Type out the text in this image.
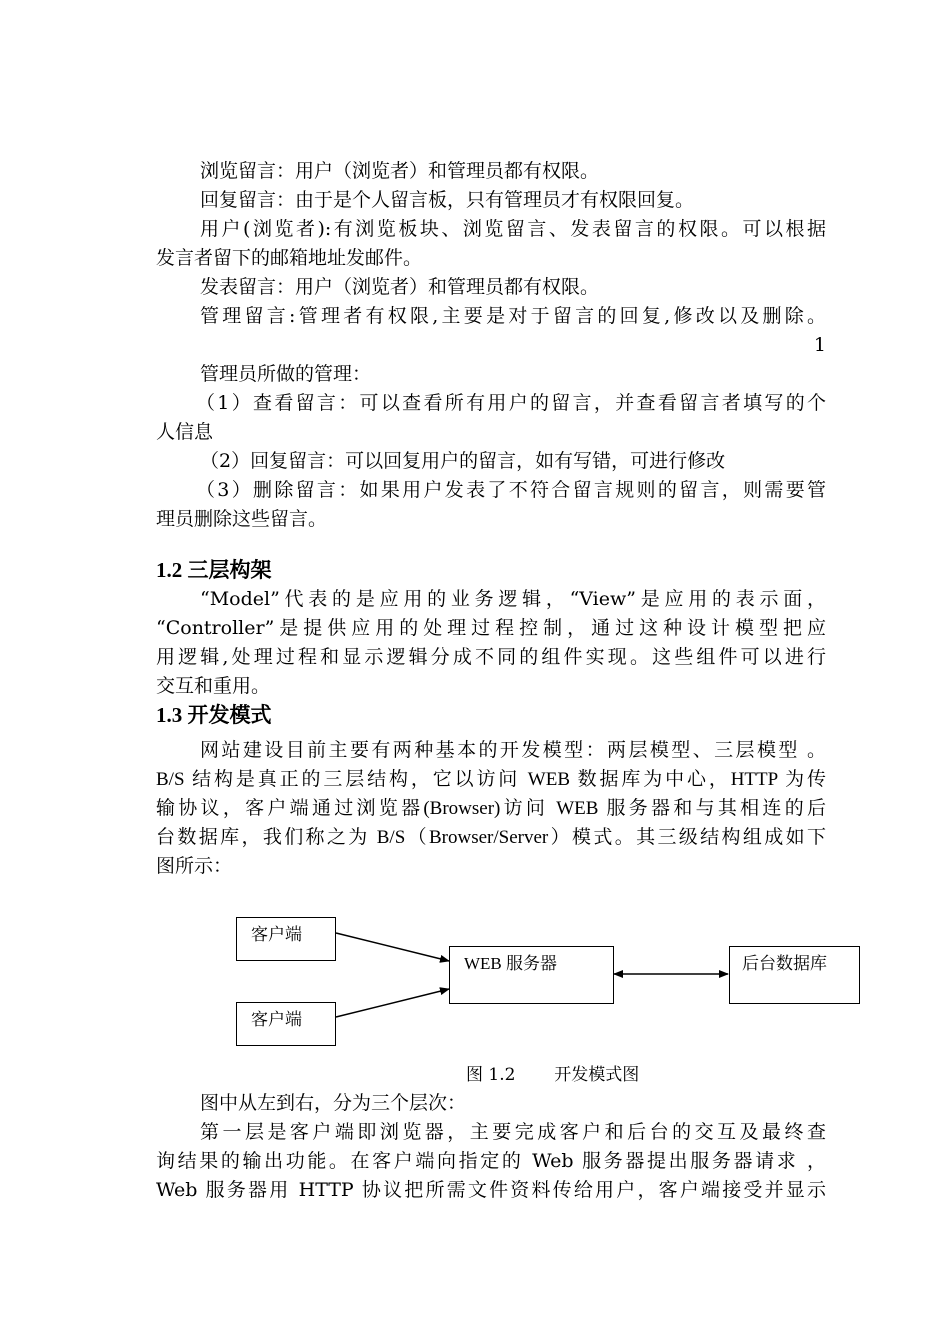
浏览留言：用户（浏览者）和管理员都有权限。
回复留言：由于是个人留言板，只有管理员才有权限回复。
用户(浏览者):有浏览板块、浏览留言、发表留言的权限。可以根据
发言者留下的邮箱地址发邮件。
发表留言：用户（浏览者）和管理员都有权限。
管理留言:管理者有权限,主要是对于留言的回复,修改以及删除。
1
管理员所做的管理：
（1）查看留言：可以查看所有用户的留言，并查看留言者填写的个
人信息
（2）回复留言：可以回复用户的留言，如有写错，可进行修改
（3）删除留言：如果用户发表了不符合留言规则的留言，则需要管
理员删除这些留言。
1.2 三层构架
“Model”代表的是应用的业务逻辑，“View”是应用的表示面，
“Controller”是提供应用的处理过程控制，通过这种设计模型把应
用逻辑,处理过程和显示逻辑分成不同的组件实现。这些组件可以进行
交互和重用。
1.3 开发模式
网站建设目前主要有两种基本的开发模型：两层模型、三层模型 。
B/S 结构是真正的三层结构，它以访问 WEB 数据库为中心，HTTP 为传
输协议，客户端通过浏览器(Browser)访问 WEB 服务器和与其相连的后
台数据库，我们称之为 B/S（Browser/Server）模式。其三级结构组成如下
图所示：
客户端
客户端
WEB 服务器	后台数据库
图 1.2 开发模式图
图中从左到右，分为三个层次：
第一层是客户端即浏览器，主要完成客户和后台的交互及最终查
询结果的输出功能。在客户端向指定的 Web 服务器提出服务器请求 ，
Web 服务器用 HTTP 协议把所需文件资料传给用户，客户端接受并显示
